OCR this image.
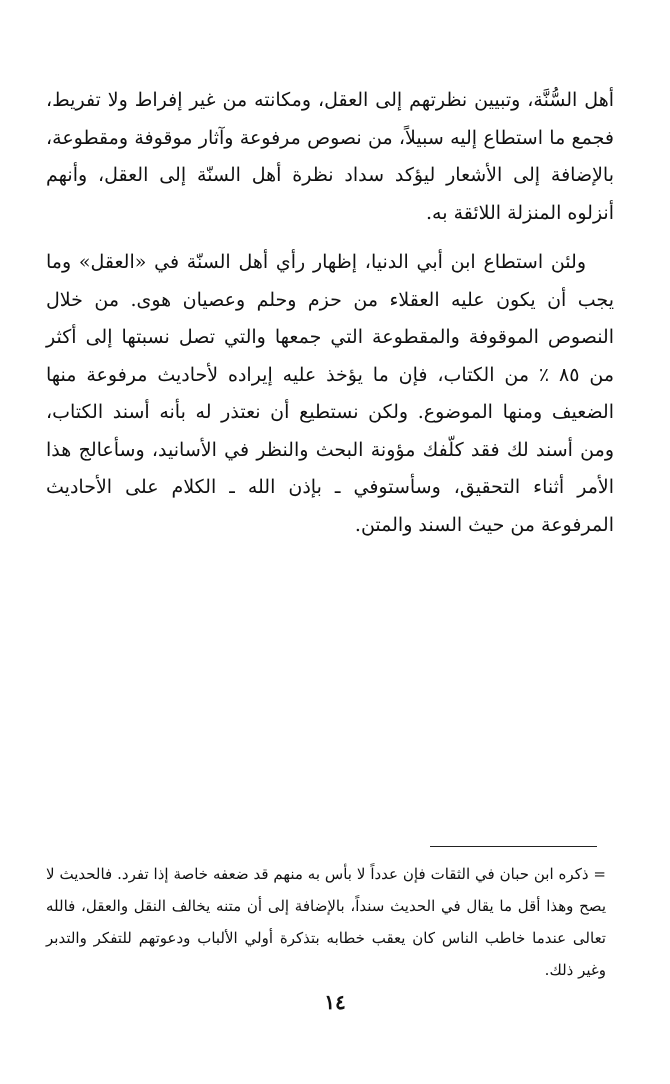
أهل السُّنَّة، وتبيين نظرتهم إلى العقل، ومكانته من غير إفراط ولا تفريط، فجمع ما استطاع إليه سبيلاً، من نصوص مرفوعة وآثار موقوفة ومقطوعة، بالإضافة إلى الأشعار ليؤكد سداد نظرة أهل السنّة إلى العقل، وأنهم أنزلوه المنزلة اللائقة به.

ولئن استطاع ابن أبي الدنيا، إظهار رأي أهل السنّة في «العقل» وما يجب أن يكون عليه العقلاء من حزم وحلم وعصيان هوى. من خلال النصوص الموقوفة والمقطوعة التي جمعها والتي تصل نسبتها إلى أكثر من ٨٥ ٪ من الكتاب، فإن ما يؤخذ عليه إيراده لأحاديث مرفوعة منها الضعيف ومنها الموضوع. ولكن نستطيع أن نعتذر له بأنه أسند الكتاب، ومن أسند لك فقد كلّفك مؤونة البحث والنظر في الأسانيد، وسأعالج هذا الأمر أثناء التحقيق، وسأستوفي ـ بإذن الله ـ الكلام على الأحاديث المرفوعة من حيث السند والمتن.

= ذكره ابن حبان في الثقات فإن عدداً لا بأس به منهم قد ضعفه خاصة إذا تفرد. فالحديث لا يصح وهذا أقل ما يقال في الحديث سنداً، بالإضافة إلى أن متنه يخالف النقل والعقل، فالله تعالى عندما خاطب الناس كان يعقب خطابه بتذكرة أولي الألباب ودعوتهم للتفكر والتدبر وغير ذلك.

١٤
